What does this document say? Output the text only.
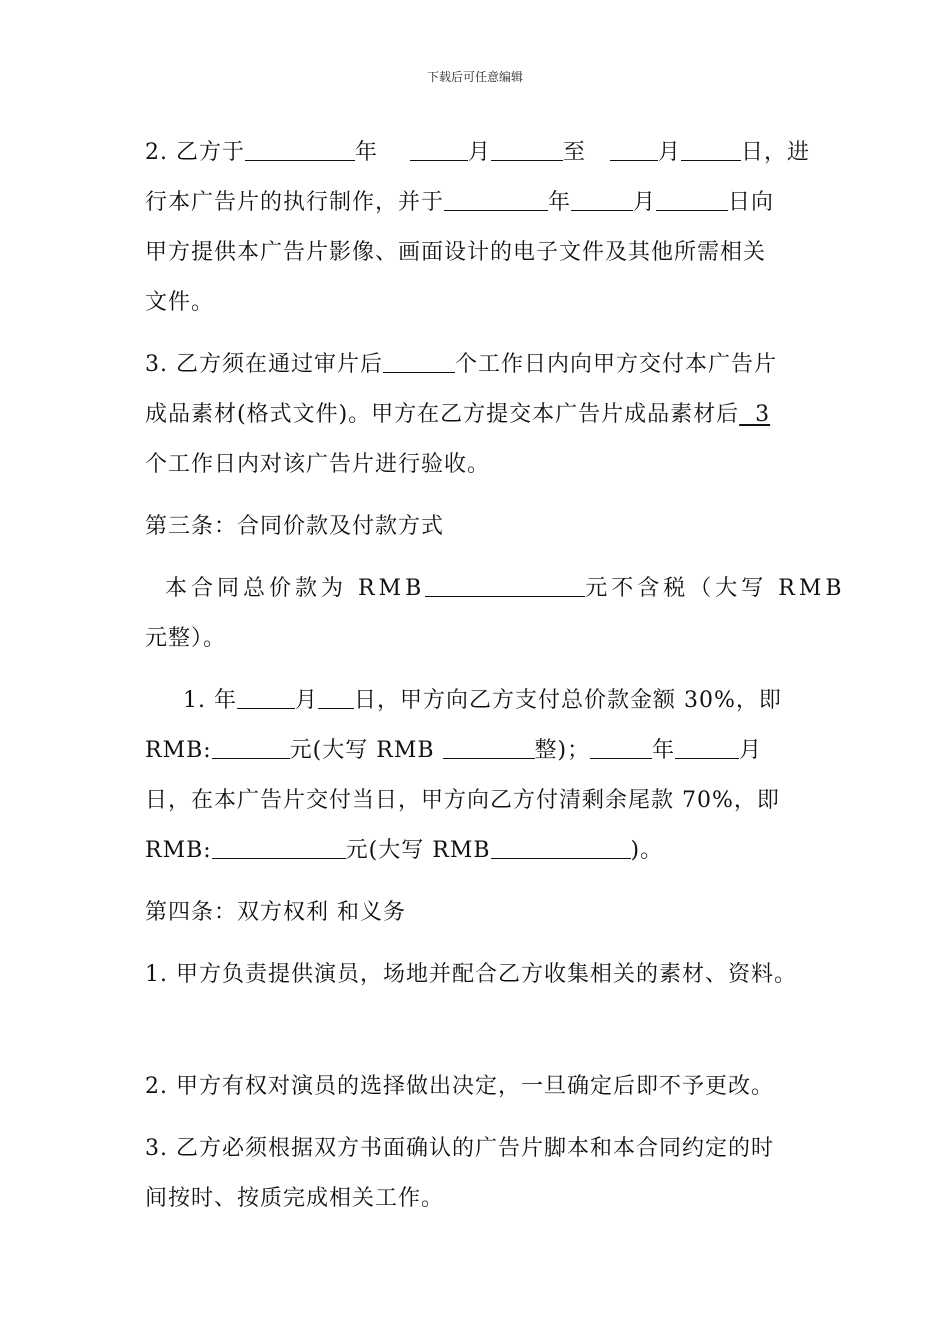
下载后可任意编辑

2. 乙方于	年	月	至	月	日，进

行本广告片的执行制作，并于	年	月	日向

甲方提供本广告片影像、画面设计的电子文件及其他所需相关

文件。

3. 乙方须在通过审片后	个工作日内向甲方交付本广告片

成品素材(格式文件)。甲方在乙方提交本广告片成品素材后  3

个工作日内对该广告片进行验收。

第三条：合同价款及付款方式

本合同总价款为 RMB	元不含税（大写 RMB

元整）。

1. 年	月 日，甲方向乙方支付总价款金额 30%，即

RMB:	元(大写 RMB	整)；	年	月

日，在本广告片交付当日，甲方向乙方付清剩余尾款 70%，即

RMB:	元(大写 RMB	)。

第四条：双方权利 和义务

1. 甲方负责提供演员，场地并配合乙方收集相关的素材、资料。

2. 甲方有权对演员的选择做出决定，一旦确定后即不予更改。

3. 乙方必须根据双方书面确认的广告片脚本和本合同约定的时

间按时、按质完成相关工作。
